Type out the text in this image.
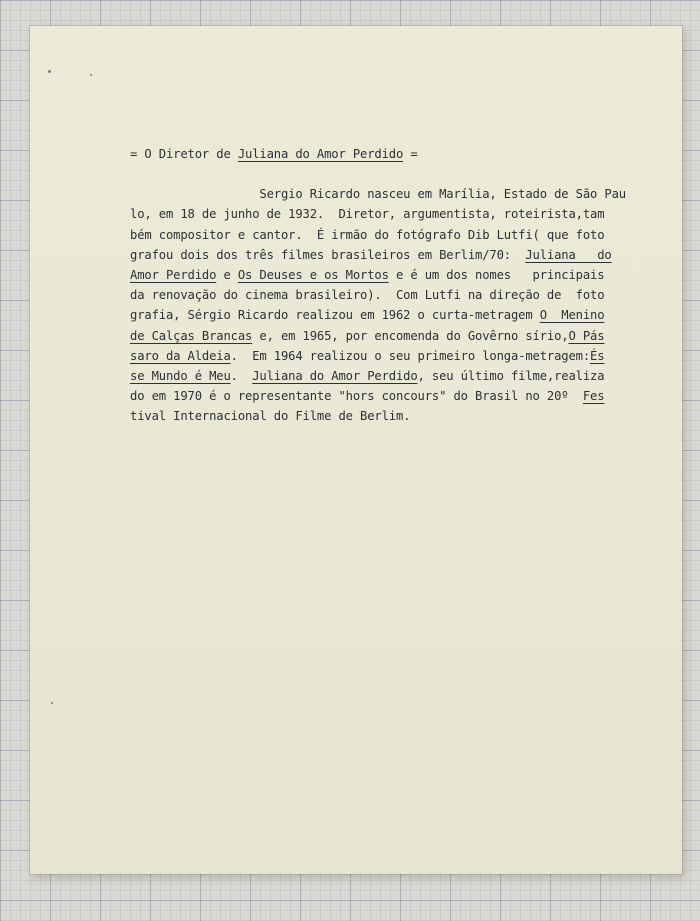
= O Diretor de Juliana do Amor Perdido =
Sergio Ricardo nasceu em Marília, Estado de São Pau
lo, em 18 de junho de 1932.  Diretor, argumentista, roteirista,tam
bém compositor e cantor.  É irmão do fotógrafo Dib Lutfi( que foto
grafou dois dos três filmes brasileiros em Berlim/70:  Juliana   do
Amor Perdido e Os Deuses e os Mortos e é um dos nomes   principais
da renovação do cinema brasileiro).  Com Lutfi na direção de  foto
grafia, Sérgio Ricardo realizou em 1962 o curta-metragem O  Menino
de Calças Brancas e, em 1965, por encomenda do Govêrno sírio,O Pás
saro da Aldeia.  Em 1964 realizou o seu primeiro longa-metragem:És
se Mundo é Meu.  Juliana do Amor Perdido, seu último filme,realiza
do em 1970 é o representante "hors concours" do Brasil no 20º  Fes
tival Internacional do Filme de Berlim.
